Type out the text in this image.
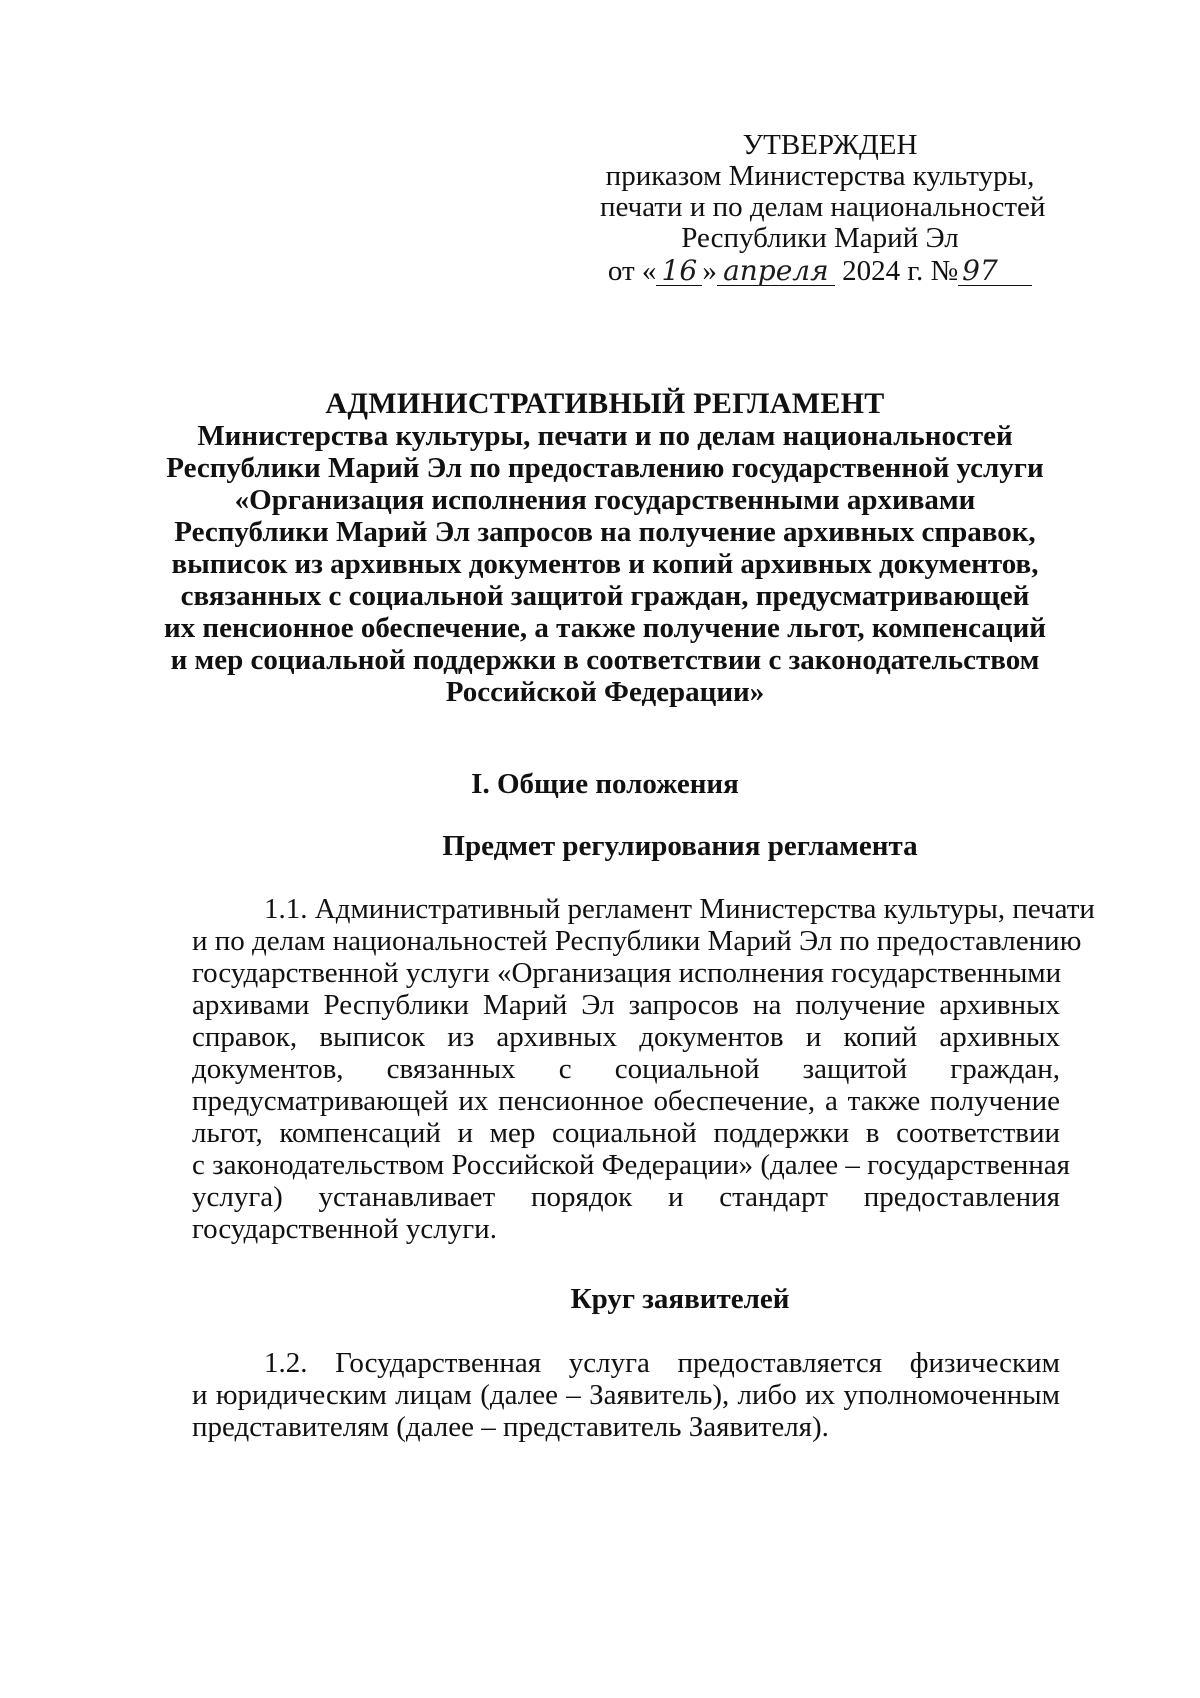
УТВЕРЖДЕН
приказом Министерства культуры,
печати и по делам национальностей
Республики Марий Эл
от « 16 » апреля 2024 г. № 97
АДМИНИСТРАТИВНЫЙ РЕГЛАМЕНТ
Министерства культуры, печати и по делам национальностей
Республики Марий Эл по предоставлению государственной услуги
«Организация исполнения государственными архивами
Республики Марий Эл запросов на получение архивных справок,
выписок из архивных документов и копий архивных документов,
связанных с социальной защитой граждан, предусматривающей
их пенсионное обеспечение, а также получение льгот, компенсаций
и мер социальной поддержки в соответствии с законодательством
Российской Федерации»
I. Общие положения
Предмет регулирования регламента
1.1. Административный регламент Министерства культуры, печати
и по делам национальностей Республики Марий Эл по предоставлению
государственной услуги «Организация исполнения государственными
архивами Республики Марий Эл запросов на получение архивных
справок, выписок из архивных документов и копий архивных
документов, связанных с социальной защитой граждан,
предусматривающей их пенсионное обеспечение, а также получение
льгот, компенсаций и мер социальной поддержки в соответствии
с законодательством Российской Федерации» (далее – государственная
услуга) устанавливает порядок и стандарт предоставления
государственной услуги.
Круг заявителей
1.2. Государственная услуга предоставляется физическим
и юридическим лицам (далее – Заявитель), либо их уполномоченным
представителям (далее – представитель Заявителя).
